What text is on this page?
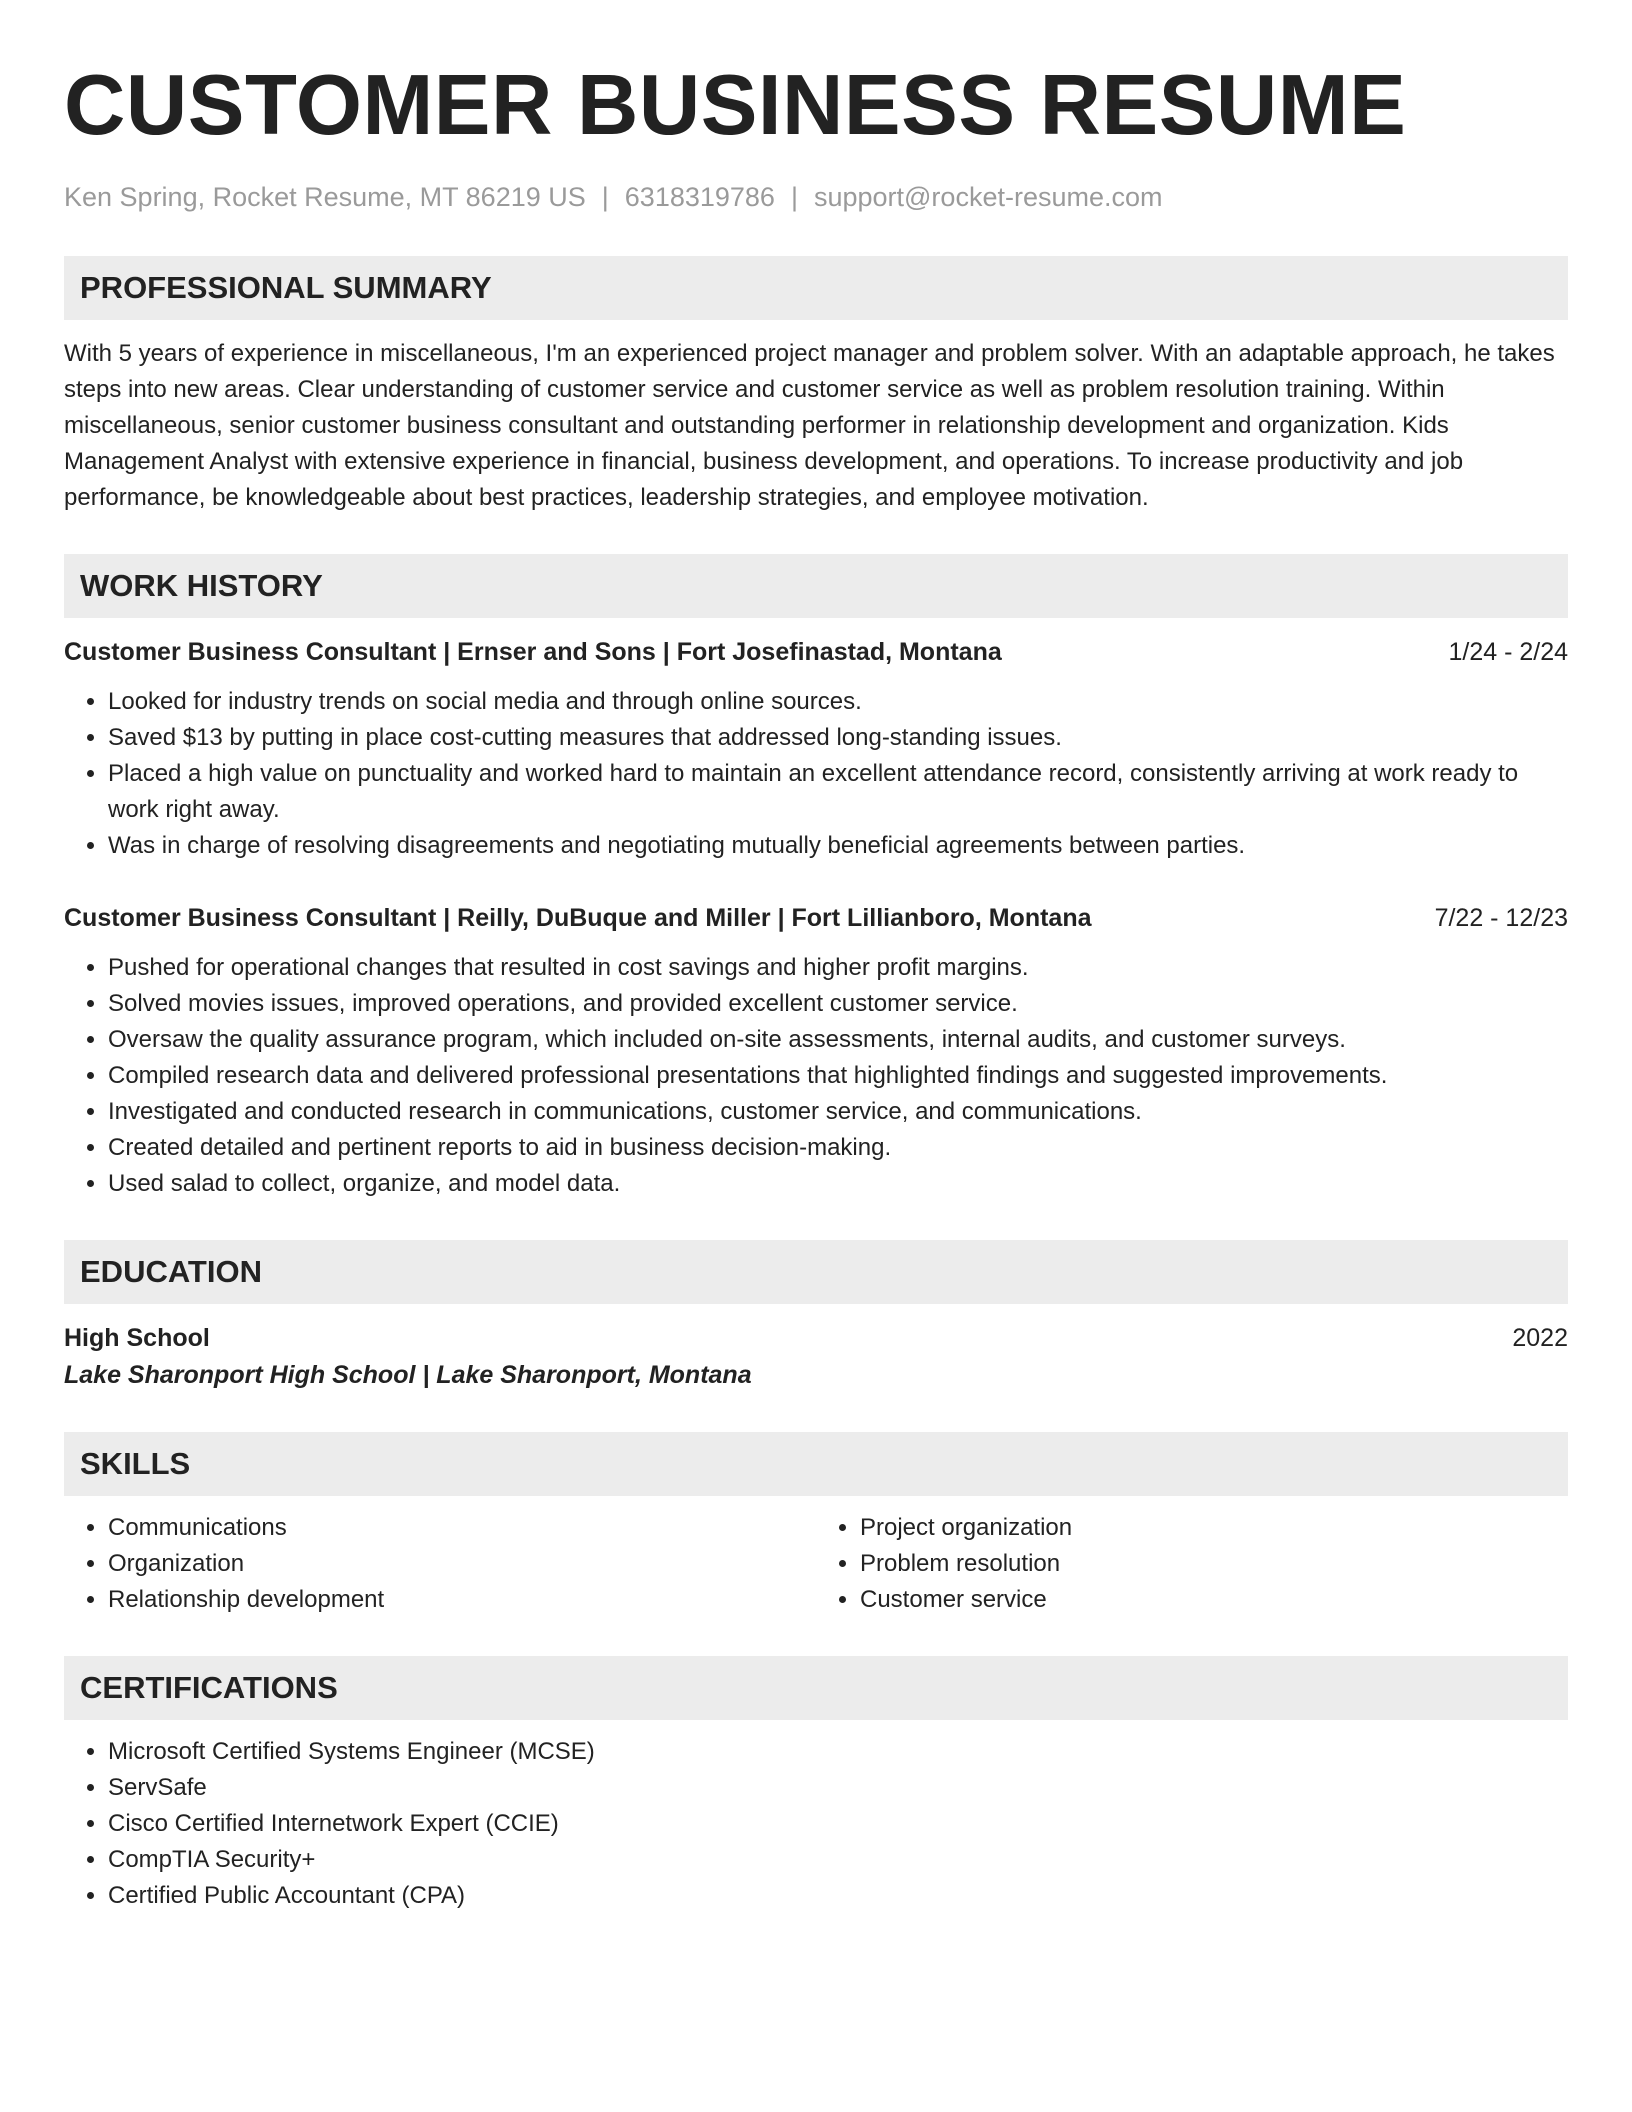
CUSTOMER BUSINESS RESUME
Ken Spring, Rocket Resume, MT 86219 US | 6318319786 | support@rocket-resume.com
PROFESSIONAL SUMMARY
With 5 years of experience in miscellaneous, I'm an experienced project manager and problem solver. With an adaptable approach, he takes steps into new areas. Clear understanding of customer service and customer service as well as problem resolution training. Within miscellaneous, senior customer business consultant and outstanding performer in relationship development and organization. Kids Management Analyst with extensive experience in financial, business development, and operations. To increase productivity and job performance, be knowledgeable about best practices, leadership strategies, and employee motivation.
WORK HISTORY
Customer Business Consultant | Ernser and Sons | Fort Josefinastad, Montana	1/24 - 2/24
• Looked for industry trends on social media and through online sources.
• Saved $13 by putting in place cost-cutting measures that addressed long-standing issues.
• Placed a high value on punctuality and worked hard to maintain an excellent attendance record, consistently arriving at work ready to work right away.
• Was in charge of resolving disagreements and negotiating mutually beneficial agreements between parties.
Customer Business Consultant | Reilly, DuBuque and Miller | Fort Lillianboro, Montana	7/22 - 12/23
• Pushed for operational changes that resulted in cost savings and higher profit margins.
• Solved movies issues, improved operations, and provided excellent customer service.
• Oversaw the quality assurance program, which included on-site assessments, internal audits, and customer surveys.
• Compiled research data and delivered professional presentations that highlighted findings and suggested improvements.
• Investigated and conducted research in communications, customer service, and communications.
• Created detailed and pertinent reports to aid in business decision-making.
• Used salad to collect, organize, and model data.
EDUCATION
High School	2022
Lake Sharonport High School | Lake Sharonport, Montana
SKILLS
• Communications
• Organization
• Relationship development
• Project organization
• Problem resolution
• Customer service
CERTIFICATIONS
• Microsoft Certified Systems Engineer (MCSE)
• ServSafe
• Cisco Certified Internetwork Expert (CCIE)
• CompTIA Security+
• Certified Public Accountant (CPA)
